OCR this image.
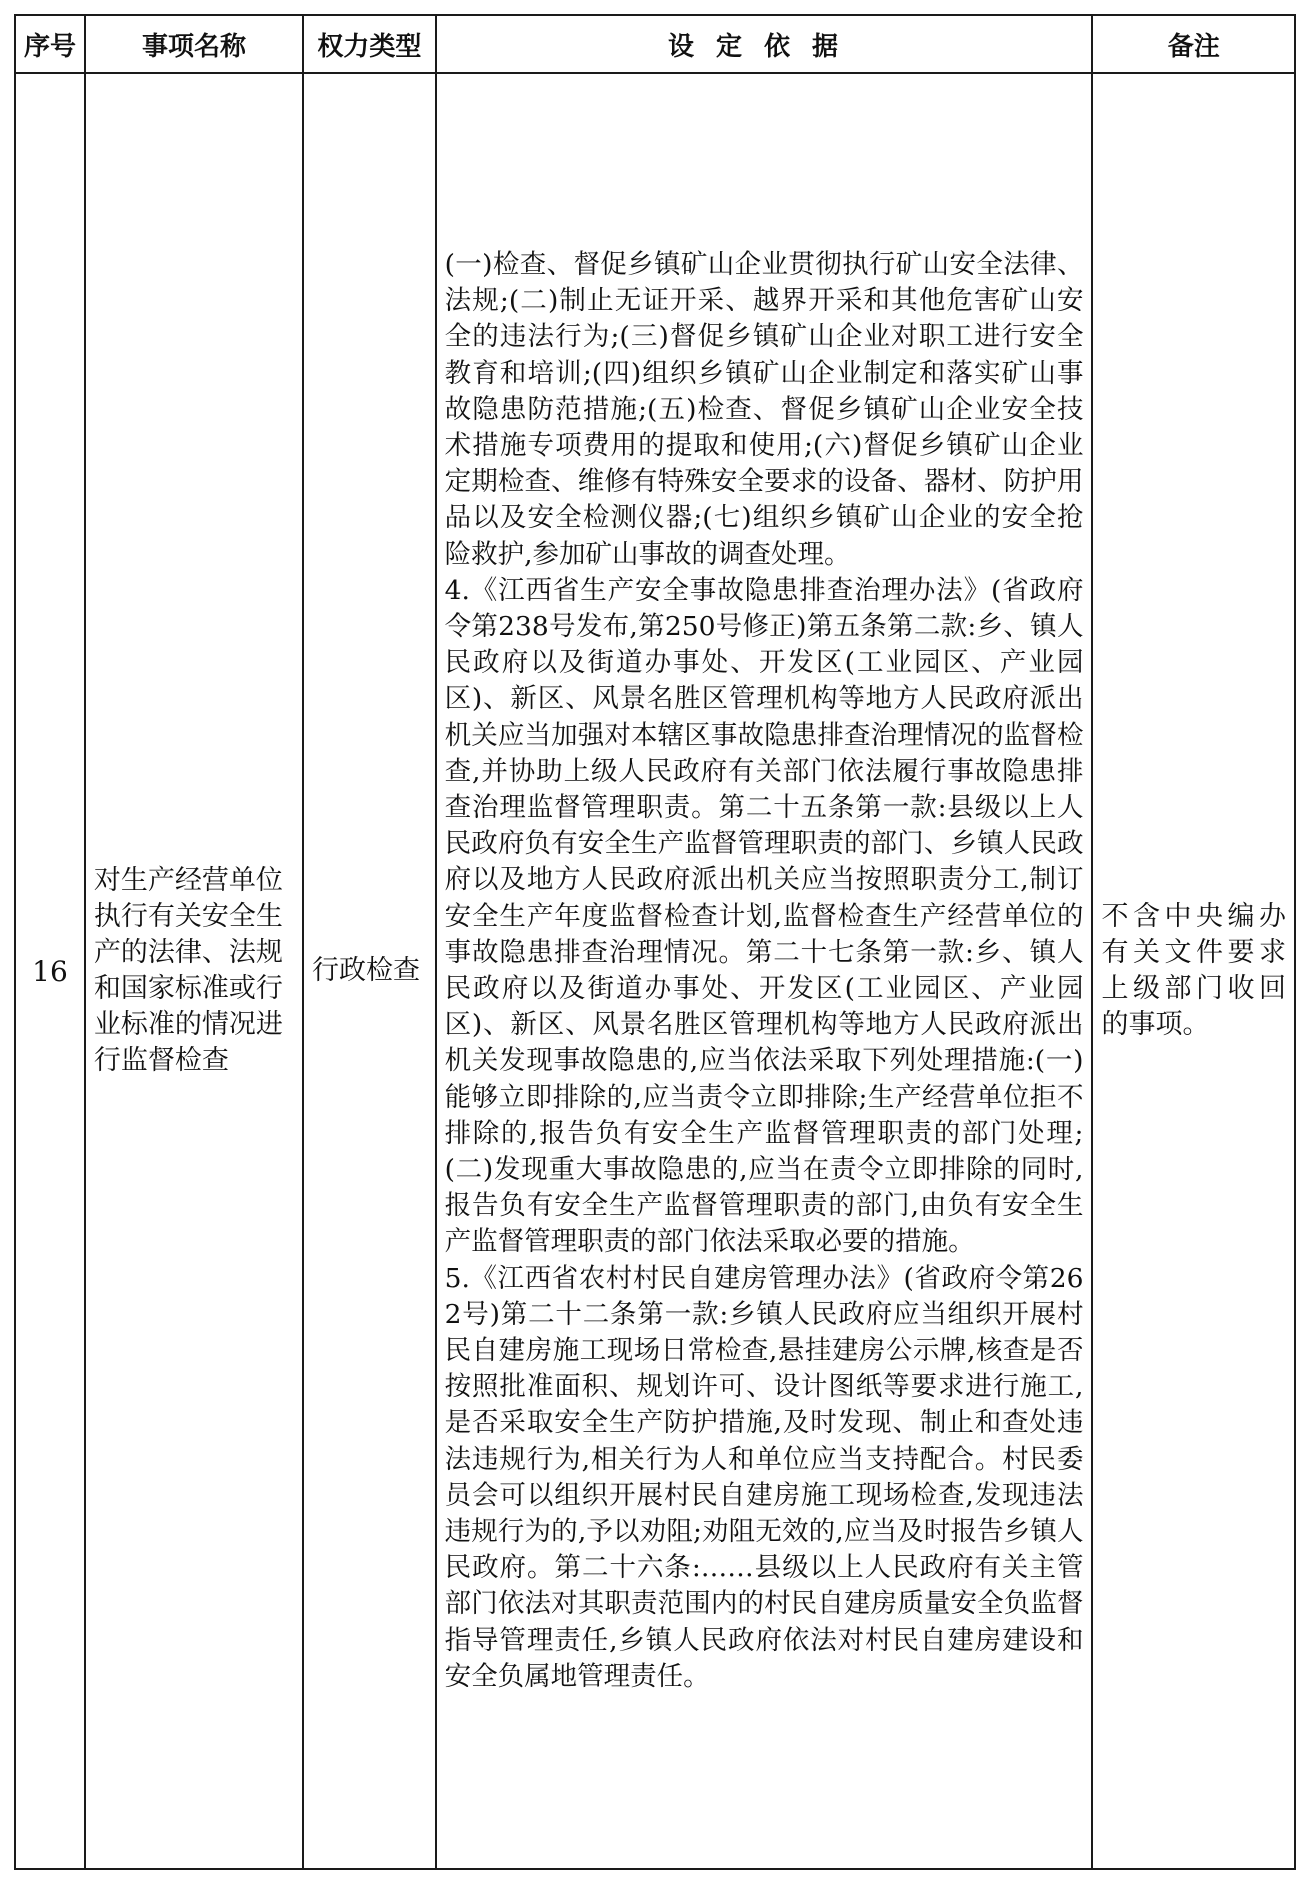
序号	事项名称	权力类型	设定依据	备注
16	对生产经营单位执行有关安全生产的法律、法规和国家标准或行业标准的情况进行监督检查	行政检查	(一)检查、督促乡镇矿山企业贯彻执行矿山安全法律、法规;(二)制止无证开采、越界开采和其他危害矿山安全的违法行为;(三)督促乡镇矿山企业对职工进行安全教育和培训;(四)组织乡镇矿山企业制定和落实矿山事故隐患防范措施;(五)检查、督促乡镇矿山企业安全技术措施专项费用的提取和使用;(六)督促乡镇矿山企业定期检查、维修有特殊安全要求的设备、器材、防护用品以及安全检测仪器;(七)组织乡镇矿山企业的安全抢险救护,参加矿山事故的调查处理。

4.《江西省生产安全事故隐患排查治理办法》(省政府令第238号发布,第250号修正)第五条第二款:乡、镇人民政府以及街道办事处、开发区(工业园区、产业园区)、新区、风景名胜区管理机构等地方人民政府派出机关应当加强对本辖区事故隐患排查治理情况的监督检查,并协助上级人民政府有关部门依法履行事故隐患排查治理监督管理职责。第二十五条第一款:县级以上人民政府负有安全生产监督管理职责的部门、乡镇人民政府以及地方人民政府派出机关应当按照职责分工,制订安全生产年度监督检查计划,监督检查生产经营单位的事故隐患排查治理情况。第二十七条第一款:乡、镇人民政府以及街道办事处、开发区(工业园区、产业园区)、新区、风景名胜区管理机构等地方人民政府派出机关发现事故隐患的,应当依法采取下列处理措施:(一)能够立即排除的,应当责令立即排除;生产经营单位拒不排除的,报告负有安全生产监督管理职责的部门处理;(二)发现重大事故隐患的,应当在责令立即排除的同时,报告负有安全生产监督管理职责的部门,由负有安全生产监督管理职责的部门依法采取必要的措施。

5.《江西省农村村民自建房管理办法》(省政府令第262号)第二十二条第一款:乡镇人民政府应当组织开展村民自建房施工现场日常检查,悬挂建房公示牌,核查是否按照批准面积、规划许可、设计图纸等要求进行施工,是否采取安全生产防护措施,及时发现、制止和查处违法违规行为,相关行为人和单位应当支持配合。村民委员会可以组织开展村民自建房施工现场检查,发现违法违规行为的,予以劝阻;劝阻无效的,应当及时报告乡镇人民政府。第二十六条:……县级以上人民政府有关主管部门依法对其职责范围内的村民自建房质量安全负监督指导管理责任,乡镇人民政府依法对村民自建房建设和安全负属地管理责任。	不含中央编办有关文件要求上级部门收回的事项。
